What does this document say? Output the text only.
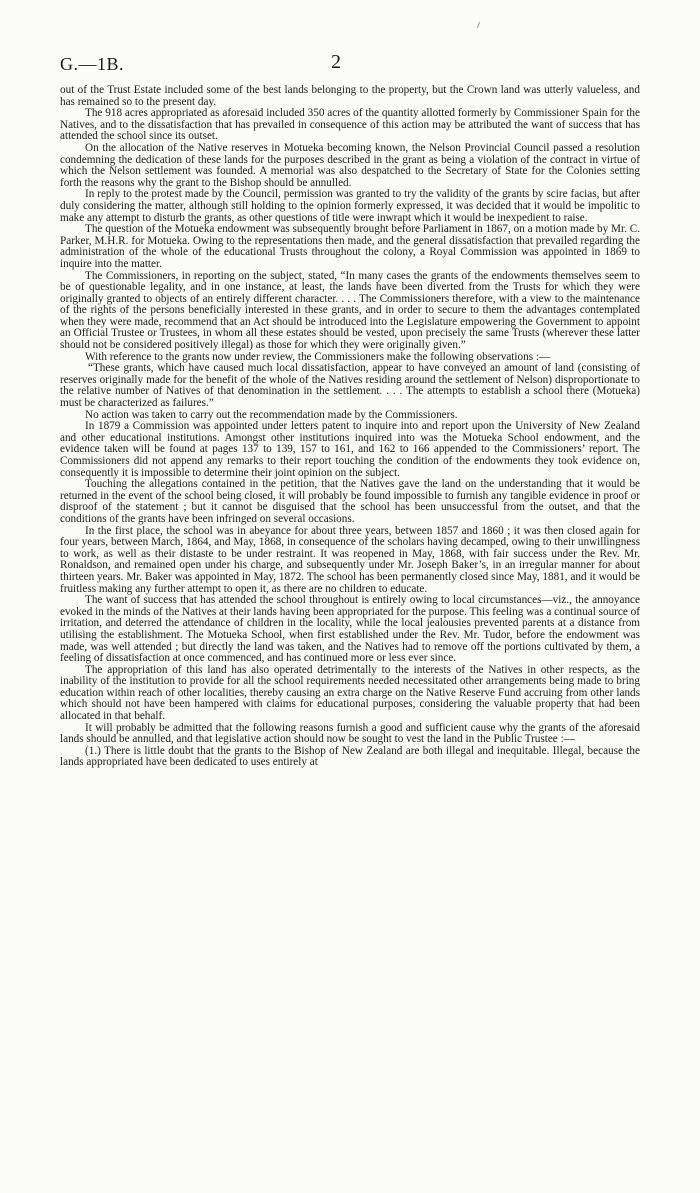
G.—1B.	2

out of the Trust Estate included some of the best lands belonging to the property, but the Crown land was utterly valueless, and has remained so to the present day.

The 918 acres appropriated as aforesaid included 350 acres of the quantity allotted formerly by Commissioner Spain for the Natives, and to the dissatisfaction that has prevailed in consequence of this action may be attributed the want of success that has attended the school since its outset.

On the allocation of the Native reserves in Motueka becoming known, the Nelson Provincial Council passed a resolution condemning the dedication of these lands for the purposes described in the grant as being a violation of the contract in virtue of which the Nelson settlement was founded. A memorial was also despatched to the Secretary of State for the Colonies setting forth the reasons why the grant to the Bishop should be annulled.

In reply to the protest made by the Council, permission was granted to try the validity of the grants by scire facias, but after duly considering the matter, although still holding to the opinion formerly expressed, it was decided that it would be impolitic to make any attempt to disturb the grants, as other questions of title were inwrapt which it would be inexpedient to raise.

The question of the Motueka endowment was subsequently brought before Parliament in 1867, on a motion made by Mr. C. Parker, M.H.R. for Motueka. Owing to the representations then made, and the general dissatisfaction that prevailed regarding the administration of the whole of the educational Trusts throughout the colony, a Royal Commission was appointed in 1869 to inquire into the matter.

The Commissioners, in reporting on the subject, stated, “In many cases the grants of the endowments themselves seem to be of questionable legality, and in one instance, at least, the lands have been diverted from the Trusts for which they were originally granted to objects of an entirely different character. . . . The Commissioners therefore, with a view to the maintenance of the rights of the persons beneficially interested in these grants, and in order to secure to them the advantages contemplated when they were made, recommend that an Act should be introduced into the Legislature empowering the Government to appoint an Official Trustee or Trustees, in whom all these estates should be vested, upon precisely the same Trusts (wherever these latter should not be considered positively illegal) as those for which they were originally given.”

With reference to the grants now under review, the Commissioners make the following observations :—

“These grants, which have caused much local dissatisfaction, appear to have conveyed an amount of land (consisting of reserves originally made for the benefit of the whole of the Natives residing around the settlement of Nelson) disproportionate to the relative number of Natives of that denomination in the settlement. . . . The attempts to establish a school there (Motueka) must be characterized as failures.”

No action was taken to carry out the recommendation made by the Commissioners.

In 1879 a Commission was appointed under letters patent to inquire into and report upon the University of New Zealand and other educational institutions. Amongst other institutions inquired into was the Motueka School endowment, and the evidence taken will be found at pages 137 to 139, 157 to 161, and 162 to 166 appended to the Commissioners’ report. The Commissioners did not append any remarks to their report touching the condition of the endowments they took evidence on, consequently it is impossible to determine their joint opinion on the subject.

Touching the allegations contained in the petition, that the Natives gave the land on the understanding that it would be returned in the event of the school being closed, it will probably be found impossible to furnish any tangible evidence in proof or disproof of the statement ; but it cannot be disguised that the school has been unsuccessful from the outset, and that the conditions of the grants have been infringed on several occasions.

In the first place, the school was in abeyance for about three years, between 1857 and 1860 ; it was then closed again for four years, between March, 1864, and May, 1868, in consequence of the scholars having decamped, owing to their unwillingness to work, as well as their distaste to be under restraint. It was reopened in May, 1868, with fair success under the Rev. Mr. Ronaldson, and remained open under his charge, and subsequently under Mr. Joseph Baker’s, in an irregular manner for about thirteen years. Mr. Baker was appointed in May, 1872. The school has been permanently closed since May, 1881, and it would be fruitless making any further attempt to open it, as there are no children to educate.

The want of success that has attended the school throughout is entirely owing to local circumstances—viz., the annoyance evoked in the minds of the Natives at their lands having been appropriated for the purpose. This feeling was a continual source of irritation, and deterred the attendance of children in the locality, while the local jealousies prevented parents at a distance from utilising the establishment. The Motueka School, when first established under the Rev. Mr. Tudor, before the endowment was made, was well attended ; but directly the land was taken, and the Natives had to remove off the portions cultivated by them, a feeling of dissatisfaction at once commenced, and has continued more or less ever since.

The appropriation of this land has also operated detrimentally to the interests of the Natives in other respects, as the inability of the institution to provide for all the school requirements needed necessitated other arrangements being made to bring education within reach of other localities, thereby causing an extra charge on the Native Reserve Fund accruing from other lands which should not have been hampered with claims for educational purposes, considering the valuable property that had been allocated in that behalf.

It will probably be admitted that the following reasons furnish a good and sufficient cause why the grants of the aforesaid lands should be annulled, and that legislative action should now be sought to vest the land in the Public Trustee :—

(1.) There is little doubt that the grants to the Bishop of New Zealand are both illegal and inequitable. Illegal, because the lands appropriated have been dedicated to uses entirely at
